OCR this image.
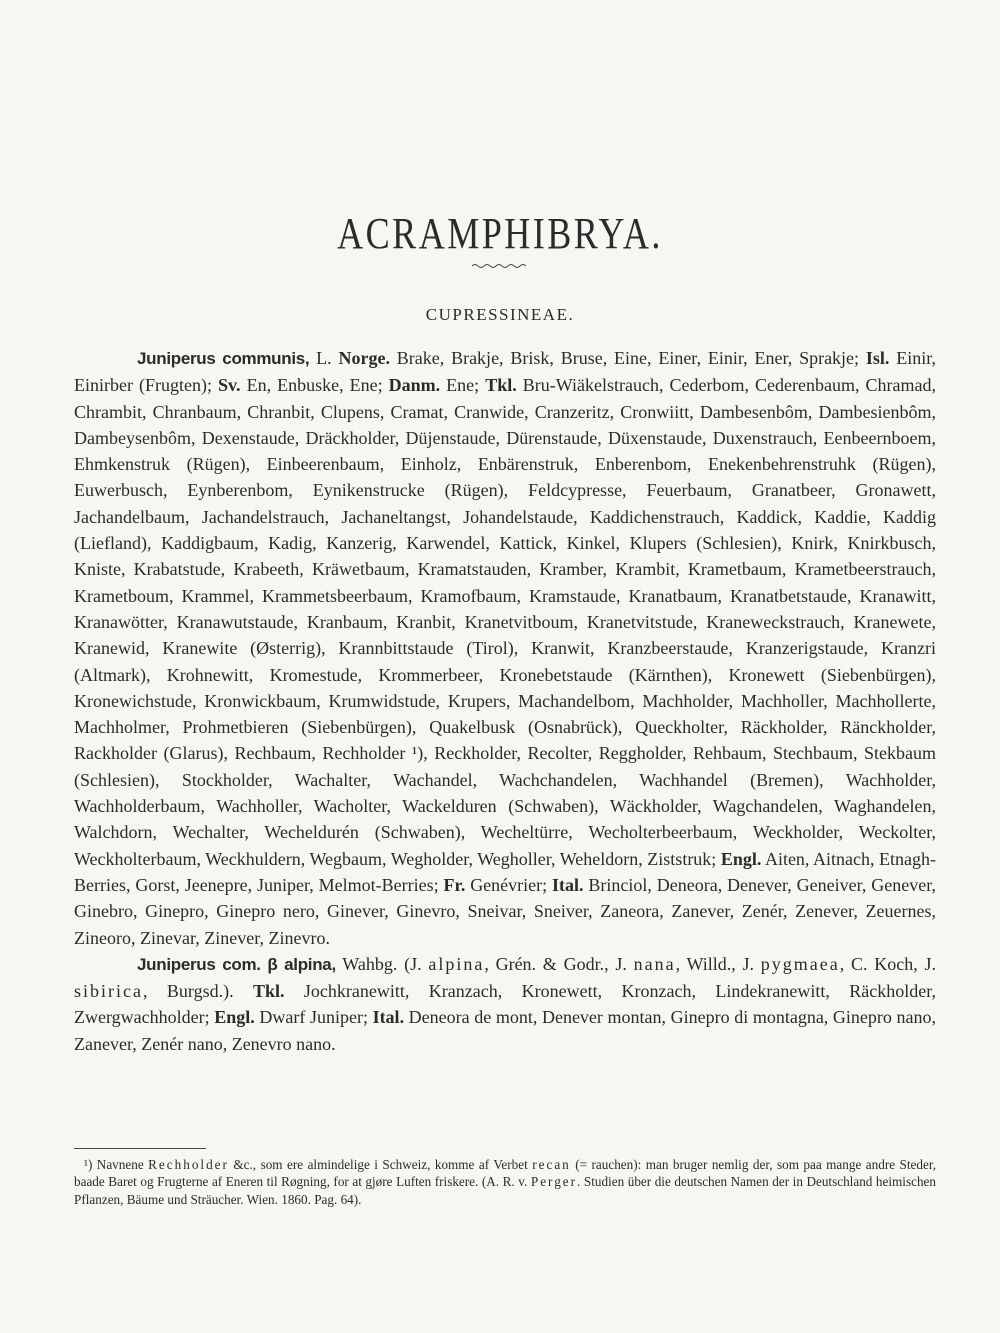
ACRAMPHIBRYA.
CUPRESSINEAE.

Juniperus communis, L. Norge. Brake, Brakje, Brisk, Bruse, Eine, Einer, Einir, Ener, Sprakje; Isl. Einir, Einirber (Frugten); Sv. En, Enbuske, Ene; Danm. Ene; Tkl. Bru-Wiäkelstrauch, Cederbom, Cederenbaum, Chramad, Chrambit, Chranbaum, Chranbit, Clupens, Cramat, Cranwide, Cranzeritz, Cronwiitt, Dambesenbôm, Dambesienbôm, Dambeysenbôm, Dexenstaude, Dräckholder, Düjenstaude, Dürenstaude, Düxenstaude, Duxenstrauch, Eenbeernboem, Ehmkenstruk (Rügen), Einbeerenbaum, Einholz, Enbärenstruk, Enberenbom, Enekenbehrenstruhk (Rügen), Euwerbusch, Eynberenbom, Eynikenstrucke (Rügen), Feldcypresse, Feuerbaum, Granatbeer, Gronawett, Jachandelbaum, Jachandelstrauch, Jachaneltangst, Johandelstaude, Kaddichenstrauch, Kaddick, Kaddie, Kaddig (Liefland), Kaddigbaum, Kadig, Kanzerig, Karwendel, Kattick, Kinkel, Klupers (Schlesien), Knirk, Knirkbusch, Kniste, Krabatstude, Krabeeth, Kräwetbaum, Kramatstauden, Kramber, Krambit, Krametbaum, Krametbeerstrauch, Krametboum, Krammel, Krammetsbeerbaum, Kramofbaum, Kramstaude, Kranatbaum, Kranatbetstaude, Kranawitt, Kranawötter, Kranawutstaude, Kranbaum, Kranbit, Kranetvitboum, Kranetvitstude, Kraneweckstrauch, Kranewete, Kranewid, Kranewite (Østerrig), Krannbittstaude (Tirol), Kranwit, Kranzbeerstaude, Kranzerigstaude, Kranzri (Altmark), Krohnewitt, Kromestude, Krommerbeer, Kronebetstaude (Kärnthen), Kronewett (Siebenbürgen), Kronewichstude, Kronwickbaum, Krumwidstude, Krupers, Machandelbom, Machholder, Machholler, Machhollerte, Machholmer, Prohmetbieren (Siebenbürgen), Quakelbusk (Osnabrück), Queckholter, Räckholder, Ränckholder, Rackholder (Glarus), Rechbaum, Rechholder ¹), Reckholder, Recolter, Reggholder, Rehbaum, Stechbaum, Stekbaum (Schlesien), Stockholder, Wachalter, Wachandel, Wachchandelen, Wachhandel (Bremen), Wachholder, Wachholderbaum, Wachholler, Wacholter, Wackelduren (Schwaben), Wäckholder, Wagchandelen, Waghandelen, Walchdorn, Wechalter, Wecheldurén (Schwaben), Wecheltürre, Wecholterbeerbaum, Weckholder, Weckolter, Weckholterbaum, Weckhuldern, Wegbaum, Wegholder, Wegholler, Weheldorn, Ziststruk; Engl. Aiten, Aitnach, Etnagh-Berries, Gorst, Jeenepre, Juniper, Melmot-Berries; Fr. Genévrier; Ital. Brinciol, Deneora, Denever, Geneiver, Genever, Ginebro, Ginepro, Ginepro nero, Ginever, Ginevro, Sneivar, Sneiver, Zaneora, Zanever, Zenér, Zenever, Zeuernes, Zineoro, Zinevar, Zinever, Zinevro.

Juniperus com. β alpina, Wahbg. (J. alpina, Grén. & Godr., J. nana, Willd., J. pygmaea, C. Koch, J. sibirica, Burgsd.). Tkl. Jochkranewitt, Kranzach, Kronewett, Kronzach, Lindekranewitt, Räckholder, Zwergwachholder; Engl. Dwarf Juniper; Ital. Deneora de mont, Denever montan, Ginepro di montagna, Ginepro nano, Zanever, Zenér nano, Zenevro nano.

¹) Navnene Rechholder &c., som ere almindelige i Schweiz, komme af Verbet recan (= rauchen): man bruger nemlig der, som paa mange andre Steder, baade Baret og Frugterne af Eneren til Røgning, for at gjøre Luften friskere. (A. R. v. Perger. Studien über die deutschen Namen der in Deutschland heimischen Pflanzen, Bäume und Sträucher. Wien. 1860. Pag. 64).
